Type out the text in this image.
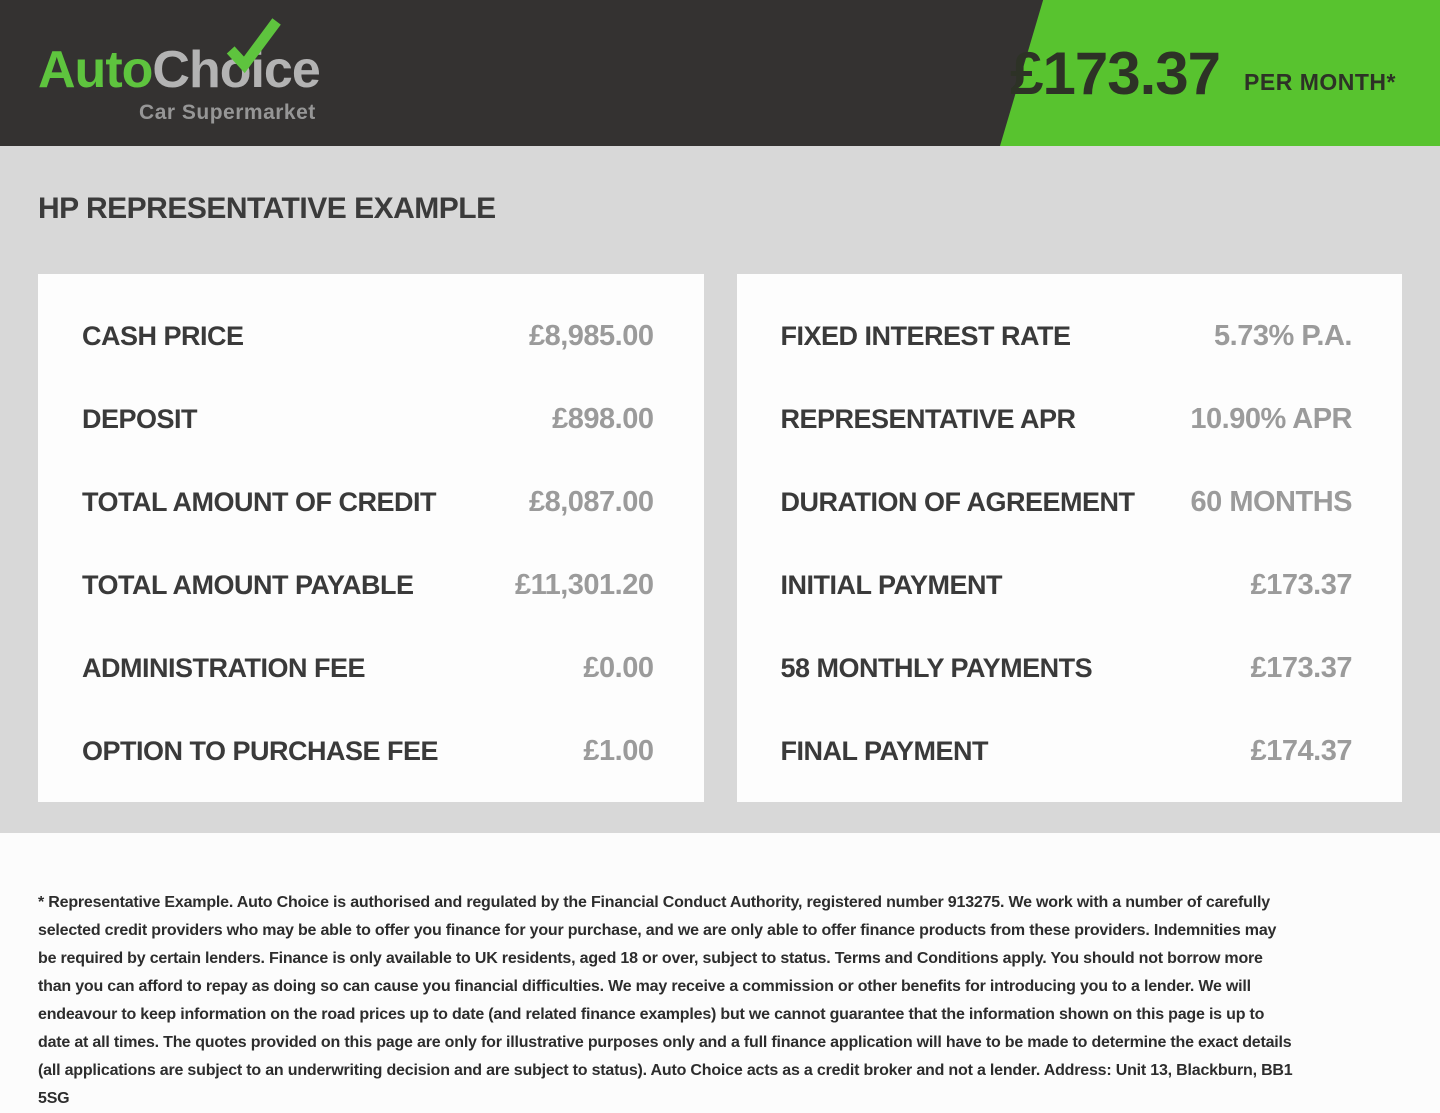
AutoChoice
Car Supermarket
£173.37 PER MONTH*
HP REPRESENTATIVE EXAMPLE
CASH PRICE	£8,985.00
DEPOSIT	£898.00
TOTAL AMOUNT OF CREDIT	£8,087.00
TOTAL AMOUNT PAYABLE	£11,301.20
ADMINISTRATION FEE	£0.00
OPTION TO PURCHASE FEE	£1.00
FIXED INTEREST RATE	5.73% P.A.
REPRESENTATIVE APR	10.90% APR
DURATION OF AGREEMENT 60 MONTHS
INITIAL PAYMENT	£173.37
58 MONTHLY PAYMENTS	£173.37
FINAL PAYMENT	£174.37

* Representative Example. Auto Choice is authorised and regulated by the Financial Conduct Authority, registered number 913275. We work with a number of carefully selected credit providers who may be able to offer you finance for your purchase, and we are only able to offer finance products from these providers. Indemnities may be required by certain lenders. Finance is only available to UK residents, aged 18 or over, subject to status. Terms and Conditions apply. You should not borrow more than you can afford to repay as doing so can cause you financial difficulties. We may receive a commission or other benefits for introducing you to a lender. We will endeavour to keep information on the road prices up to date (and related finance examples) but we cannot guarantee that the information shown on this page is up to date at all times. The quotes provided on this page are only for illustrative purposes only and a full finance application will have to be made to determine the exact details (all applications are subject to an underwriting decision and are subject to status). Auto Choice acts as a credit broker and not a lender. Address: Unit 13, Blackburn, BB1 5SG
